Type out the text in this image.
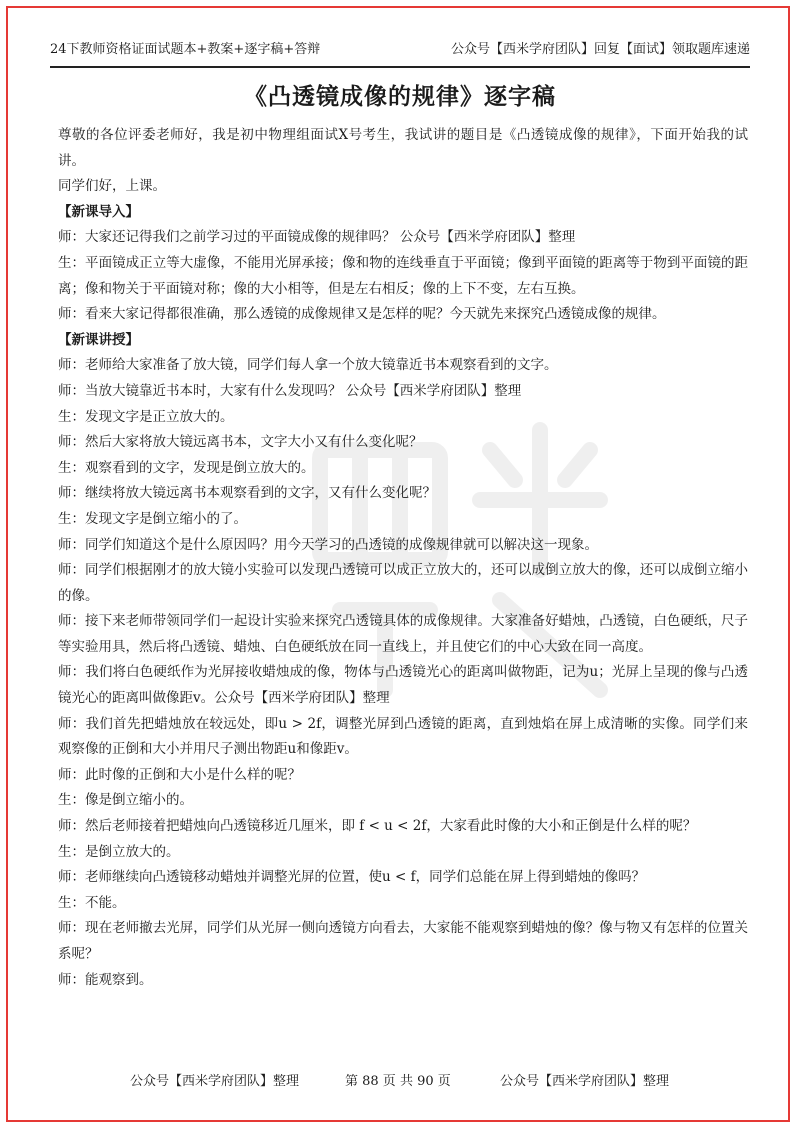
24下教师资格证面试题本+教案+逐字稿+答辩	公众号【西米学府团队】回复【面试】领取题库速递
《凸透镜成像的规律》逐字稿

尊敬的各位评委老师好，我是初中物理组面试X号考生，我试讲的题目是《凸透镜成像的规律》，下面开始我的试讲。

同学们好，上课。

【新课导入】

师：大家还记得我们之前学习过的平面镜成像的规律吗？ 公众号【西米学府团队】整理

生：平面镜成正立等大虚像，不能用光屏承接；像和物的连线垂直于平面镜；像到平面镜的距离等于物到平面镜的距离；像和物关于平面镜对称；像的大小相等，但是左右相反；像的上下不变，左右互换。

师：看来大家记得都很准确，那么透镜的成像规律又是怎样的呢？今天就先来探究凸透镜成像的规律。

【新课讲授】

师：老师给大家准备了放大镜，同学们每人拿一个放大镜靠近书本观察看到的文字。

师：当放大镜靠近书本时，大家有什么发现吗？ 公众号【西米学府团队】整理

生：发现文字是正立放大的。

师：然后大家将放大镜远离书本，文字大小又有什么变化呢？

生：观察看到的文字，发现是倒立放大的。

师：继续将放大镜远离书本观察看到的文字，又有什么变化呢？

生：发现文字是倒立缩小的了。

师：同学们知道这个是什么原因吗？用今天学习的凸透镜的成像规律就可以解决这一现象。

师：同学们根据刚才的放大镜小实验可以发现凸透镜可以成正立放大的，还可以成倒立放大的像，还可以成倒立缩小的像。

师：接下来老师带领同学们一起设计实验来探究凸透镜具体的成像规律。大家准备好蜡烛，凸透镜，白色硬纸，尺子等实验用具，然后将凸透镜、蜡烛、白色硬纸放在同一直线上，并且使它们的中心大致在同一高度。

师：我们将白色硬纸作为光屏接收蜡烛成的像，物体与凸透镜光心的距离叫做物距，记为u；光屏上呈现的像与凸透镜光心的距离叫做像距v。公众号【西米学府团队】整理

师：我们首先把蜡烛放在较远处，即u > 2f，调整光屏到凸透镜的距离，直到烛焰在屏上成清晰的实像。同学们来观察像的正倒和大小并用尺子测出物距u和像距v。

师：此时像的正倒和大小是什么样的呢？

生：像是倒立缩小的。

师：然后老师接着把蜡烛向凸透镜移近几厘米，即 f < u < 2f，大家看此时像的大小和正倒是什么样的呢？

生：是倒立放大的。

师：老师继续向凸透镜移动蜡烛并调整光屏的位置，使u < f，同学们总能在屏上得到蜡烛的像吗？

生：不能。

师：现在老师撤去光屏，同学们从光屏一侧向透镜方向看去，大家能不能观察到蜡烛的像？像与物又有怎样的位置关系呢？

师：能观察到。

公众号【西米学府团队】整理	第 88 页 共 90 页	公众号【西米学府团队】整理
